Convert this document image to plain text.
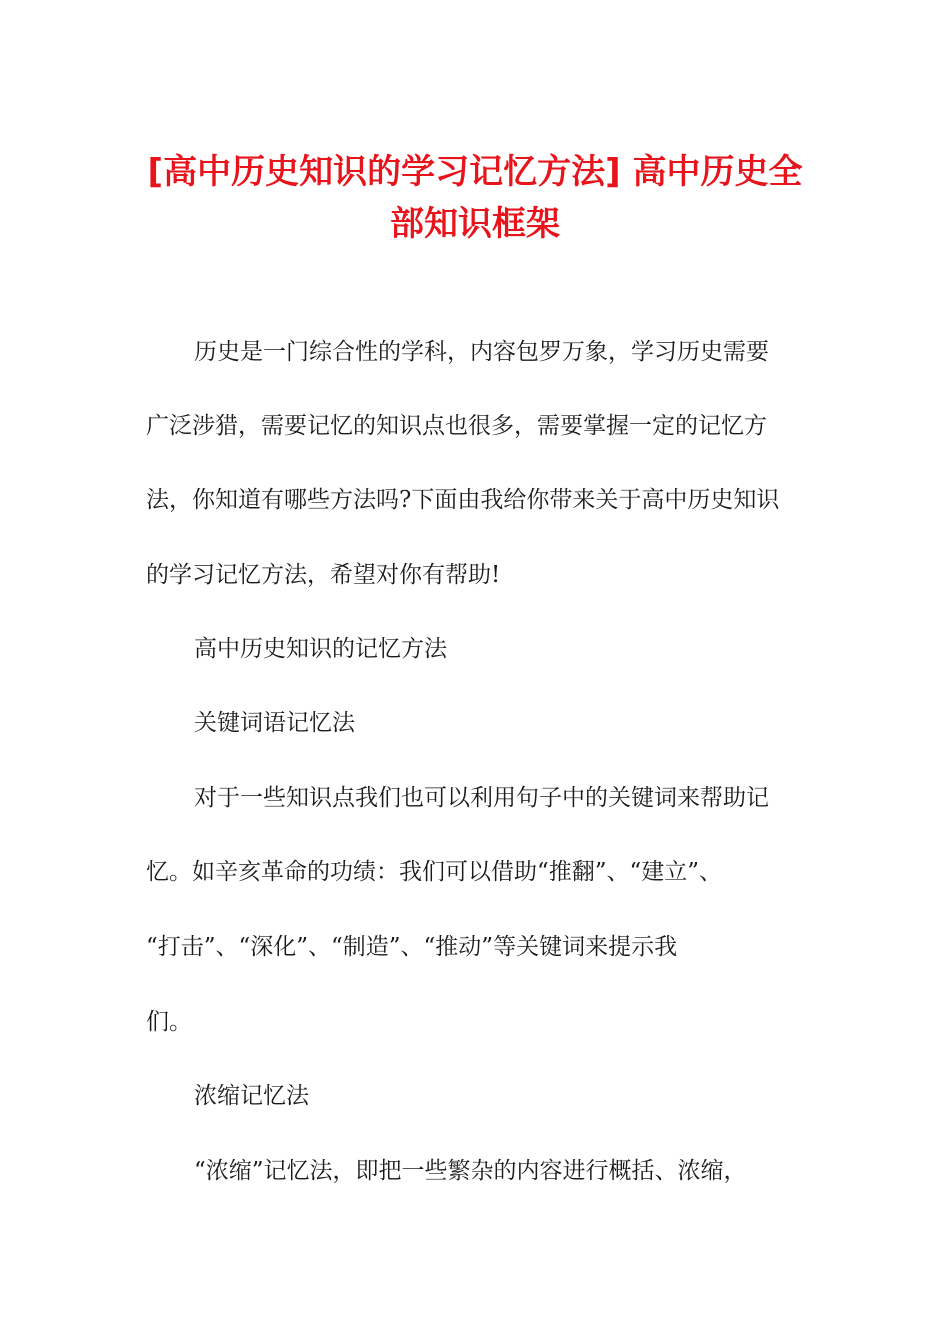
[高中历史知识的学习记忆方法] 高中历史全
部知识框架

历史是一门综合性的学科，内容包罗万象，学习历史需要

广泛涉猎，需要记忆的知识点也很多，需要掌握一定的记忆方

法，你知道有哪些方法吗?下面由我给你带来关于高中历史知识

的学习记忆方法，希望对你有帮助!

高中历史知识的记忆方法

关键词语记忆法

对于一些知识点我们也可以利用句子中的关键词来帮助记

忆。如辛亥革命的功绩：我们可以借助“推翻”、“建立”、

“打击”、“深化”、“制造”、“推动”等关键词来提示我

们。

浓缩记忆法

“浓缩”记忆法，即把一些繁杂的内容进行概括、浓缩，
